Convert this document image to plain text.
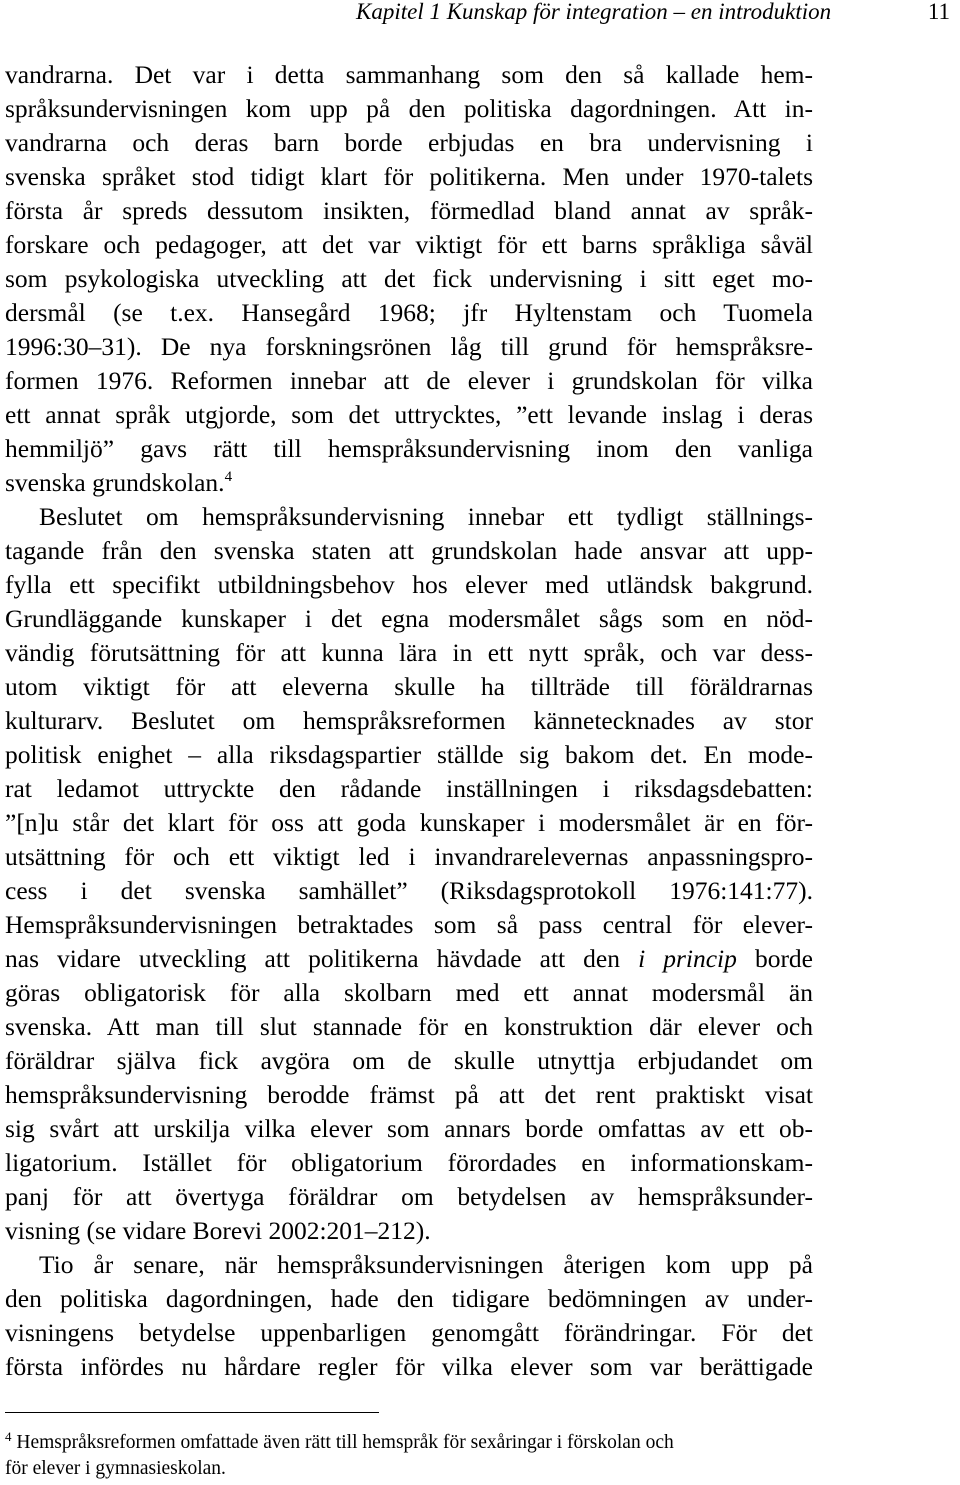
Kapitel 1 Kunskap för integration – en introduktion	11
vandrarna. Det var i detta sammanhang som den så kallade hem-
språksundervisningen kom upp på den politiska dagordningen. Att in-
vandrarna och deras barn borde erbjudas en bra undervisning i
svenska språket stod tidigt klart för politikerna. Men under 1970-talets
första år spreds dessutom insikten, förmedlad bland annat av språk-
forskare och pedagoger, att det var viktigt för ett barns språkliga såväl
som psykologiska utveckling att det fick undervisning i sitt eget mo-
dersmål (se t.ex. Hansegård 1968; jfr Hyltenstam och Tuomela
1996:30–31). De nya forskningsrönen låg till grund för hemspråksre-
formen 1976. Reformen innebar att de elever i grundskolan för vilka
ett annat språk utgjorde, som det uttrycktes, ”ett levande inslag i deras
hemmiljö” gavs rätt till hemspråksundervisning inom den vanliga
svenska grundskolan.$^4$
Beslutet om hemspråksundervisning innebar ett tydligt ställnings-
tagande från den svenska staten att grundskolan hade ansvar att upp-
fylla ett specifikt utbildningsbehov hos elever med utländsk bakgrund.
Grundläggande kunskaper i det egna modersmålet sågs som en nöd-
vändig förutsättning för att kunna lära in ett nytt språk, och var dess-
utom viktigt för att eleverna skulle ha tillträde till föräldrarnas
kulturarv. Beslutet om hemspråksreformen kännetecknades av stor
politisk enighet – alla riksdagspartier ställde sig bakom det. En mode-
rat ledamot uttryckte den rådande inställningen i riksdagsdebatten:
”[n]u står det klart för oss att goda kunskaper i modersmålet är en för-
utsättning för och ett viktigt led i invandrarelevernas anpassningspro-
cess i det svenska samhället” (Riksdagsprotokoll 1976:141:77).
Hemspråksundervisningen betraktades som så pass central för elever-
nas vidare utveckling att politikerna hävdade att den i princip borde
göras obligatorisk för alla skolbarn med ett annat modersmål än
svenska. Att man till slut stannade för en konstruktion där elever och
föräldrar själva fick avgöra om de skulle utnyttja erbjudandet om
hemspråksundervisning berodde främst på att det rent praktiskt visat
sig svårt att urskilja vilka elever som annars borde omfattas av ett ob-
ligatorium. Istället för obligatorium förordades en informationskam-
panj för att övertyga föräldrar om betydelsen av hemspråksunder-
visning (se vidare Borevi 2002:201–212).
Tio år senare, när hemspråksundervisningen återigen kom upp på
den politiska dagordningen, hade den tidigare bedömningen av under-
visningens betydelse uppenbarligen genomgått förändringar. För det
första infördes nu hårdare regler för vilka elever som var berättigade
$^4$ Hemspråksreformen omfattade även rätt till hemspråk för sexåringar i förskolan och
för elever i gymnasieskolan.
